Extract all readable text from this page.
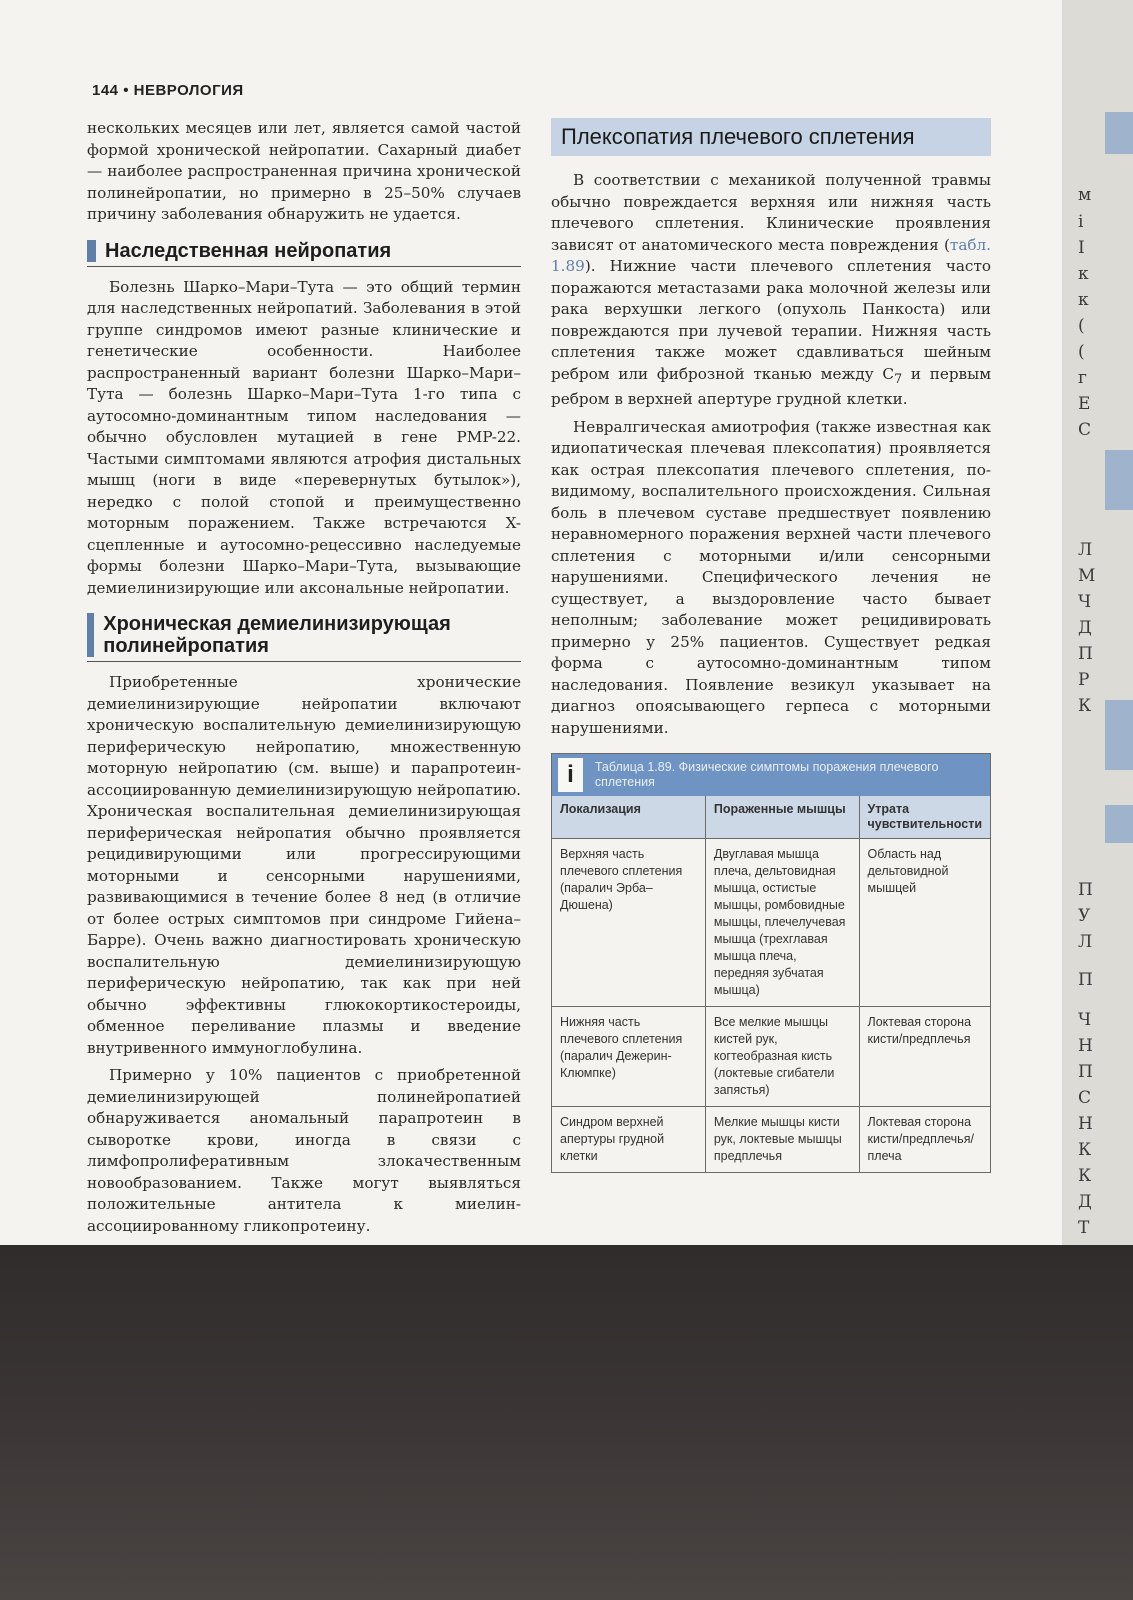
144 • НЕВРОЛОГИЯ

нескольких месяцев или лет, является самой частой формой хронической нейропатии. Сахарный диабет — наиболее распространенная причина хронической полинейропатии, но примерно в 25–50% случаев причину заболевания обнаружить не удается.

Наследственная нейропатия

Болезнь Шарко–Мари–Тута — это общий термин для наследственных нейропатий. Заболевания в этой группе синдромов имеют разные клинические и генетические особенности. Наиболее распространенный вариант болезни Шарко–Мари–Тута — болезнь Шарко–Мари–Тута 1-го типа с аутосомно-доминантным типом наследования — обычно обусловлен мутацией в гене PMP-22. Частыми симптомами являются атрофия дистальных мышц (ноги в виде «перевернутых бутылок»), нередко с полой стопой и преимущественно моторным поражением. Также встречаются X-сцепленные и аутосомно-рецессивно наследуемые формы болезни Шарко–Мари–Тута, вызывающие демиелинизирующие или аксональные нейропатии.

Хроническая демиелинизирующая полинейропатия

Приобретенные хронические демиелинизирующие нейропатии включают хроническую воспалительную демиелинизирующую периферическую нейропатию, множественную моторную нейропатию (см. выше) и парапротеин-ассоциированную демиелинизирующую нейропатию. Хроническая воспалительная демиелинизирующая периферическая нейропатия обычно проявляется рецидивирующими или прогрессирующими моторными и сенсорными нарушениями, развивающимися в течение более 8 нед (в отличие от более острых симптомов при синдроме Гийена–Барре). Очень важно диагностировать хроническую воспалительную демиелинизирующую периферическую нейропатию, так как при ней обычно эффективны глюкокортикостероиды, обменное переливание плазмы и введение внутривенного иммуноглобулина.

Примерно у 10% пациентов с приобретенной демиелинизирующей полинейропатией обнаруживается аномальный парапротеин в сыворотке крови, иногда в связи с лимфопролиферативным злокачественным новообразованием. Также могут выявляться положительные антитела к миелин-ассоциированному гликопротеину.

Плексопатия плечевого сплетения

В соответствии с механикой полученной травмы обычно повреждается верхняя или нижняя часть плечевого сплетения. Клинические проявления зависят от анатомического места повреждения (табл. 1.89). Нижние части плечевого сплетения часто поражаются метастазами рака молочной железы или рака верхушки легкого (опухоль Панкоста) или повреждаются при лучевой терапии. Нижняя часть сплетения также может сдавливаться шейным ребром или фиброзной тканью между $C_7$ и первым ребром в верхней апертуре грудной клетки.

Невралгическая амиотрофия (также известная как идиопатическая плечевая плексопатия) проявляется как острая плексопатия плечевого сплетения, по-видимому, воспалительного происхождения. Сильная боль в плечевом суставе предшествует появлению неравномерного поражения верхней части плечевого сплетения с моторными и/или сенсорными нарушениями. Специфического лечения не существует, а выздоровление часто бывает неполным; заболевание может рецидивировать примерно у 25% пациентов. Существует редкая форма с аутосомно-доминантным типом наследования. Появление везикул указывает на диагноз опоясывающего герпеса с моторными нарушениями.

i	Таблица 1.89. Физические симптомы поражения плечевого сплетения
Локализация	Пораженные мышцы	Утрата чувствительности
Верхняя часть плечевого сплетения (паралич Эрба–Дюшена)	Двуглавая мышца плеча, дельтовидная мышца, остистые мышцы, ромбовидные мышцы, плечелучевая мышца (трехглавая мышца плеча, передняя зубчатая мышца)	Область над дельтовидной мышцей
Нижняя часть плечевого сплетения (паралич Дежерин-Клюмпке)	Все мелкие мышцы кистей рук, когтеобразная кисть (локтевые сгибатели запястья)	Локтевая сторона кисти/предплечья
Синдром верхней апертуры грудной клетки	Мелкие мышцы кисти рук, локтевые мышцы предплечья	Локтевая сторона кисти/предплечья/плеча
м
і
І
к
к
(
(
г
Е
С
Л
М
Ч
Д
П
Р
К
П
У
Л
П
Ч
Н
П
С
Н
К
К
Д
Т
